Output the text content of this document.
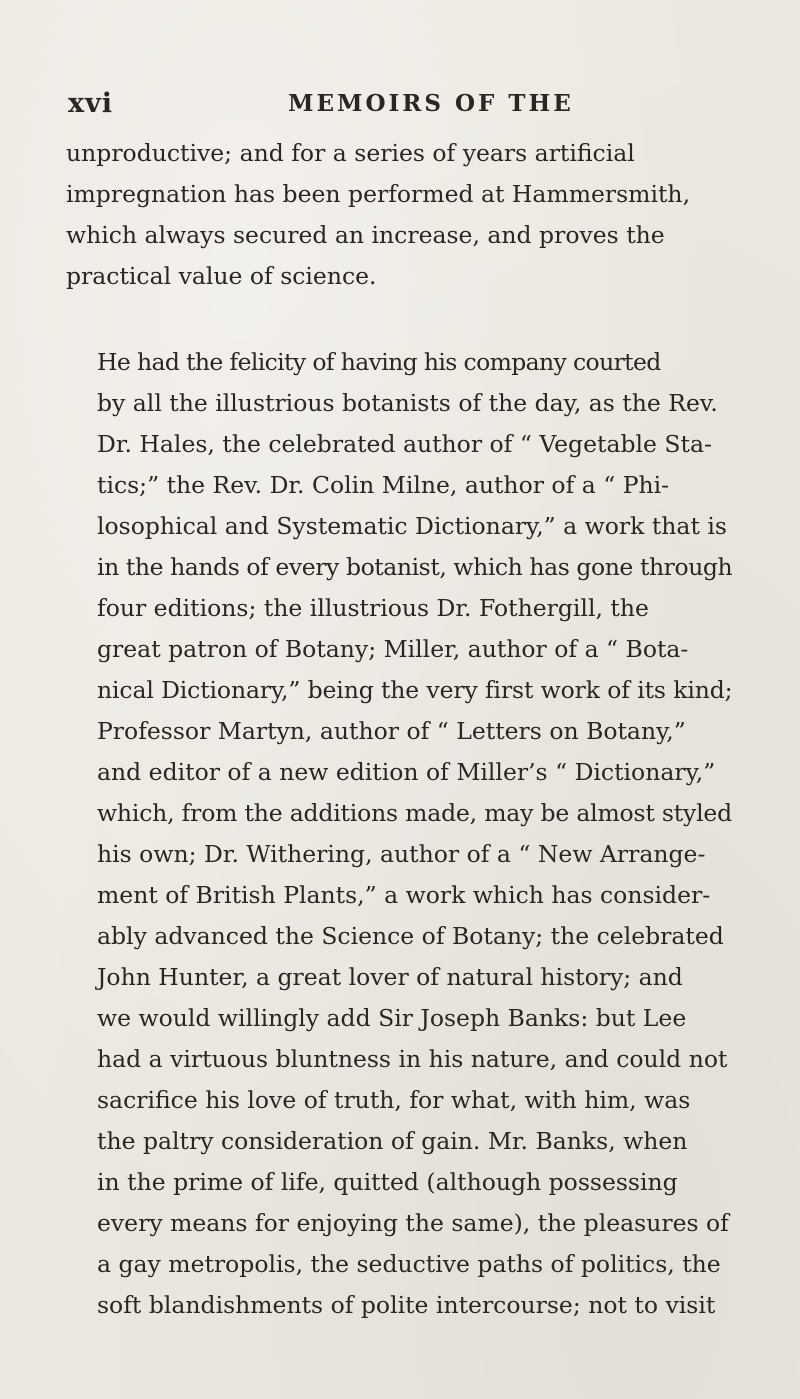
xvi	MEMOIRS OF THE

unproductive; and for a series of years artificial
impregnation has been performed at Hammersmith,
which always secured an increase, and proves the
practical value of science.

He had the felicity of having his company courted
by all the illustrious botanists of the day, as the Rev.
Dr. Hales, the celebrated author of “ Vegetable Sta-
tics;” the Rev. Dr. Colin Milne, author of a “ Phi-
losophical and Systematic Dictionary,” a work that is
in the hands of every botanist, which has gone through
four editions; the illustrious Dr. Fothergill, the
great patron of Botany; Miller, author of a “ Bota-
nical Dictionary,” being the very first work of its kind;
Professor Martyn, author of “ Letters on Botany,”
and editor of a new edition of Miller’s “ Dictionary,”
which, from the additions made, may be almost styled
his own; Dr. Withering, author of a “ New Arrange-
ment of British Plants,” a work which has consider-
ably advanced the Science of Botany; the celebrated
John Hunter, a great lover of natural history; and
we would willingly add Sir Joseph Banks: but Lee
had a virtuous bluntness in his nature, and could not
sacrifice his love of truth, for what, with him, was
the paltry consideration of gain. Mr. Banks, when
in the prime of life, quitted (although possessing
every means for enjoying the same), the pleasures of
a gay metropolis, the seductive paths of politics, the
soft blandishments of polite intercourse; not to visit
